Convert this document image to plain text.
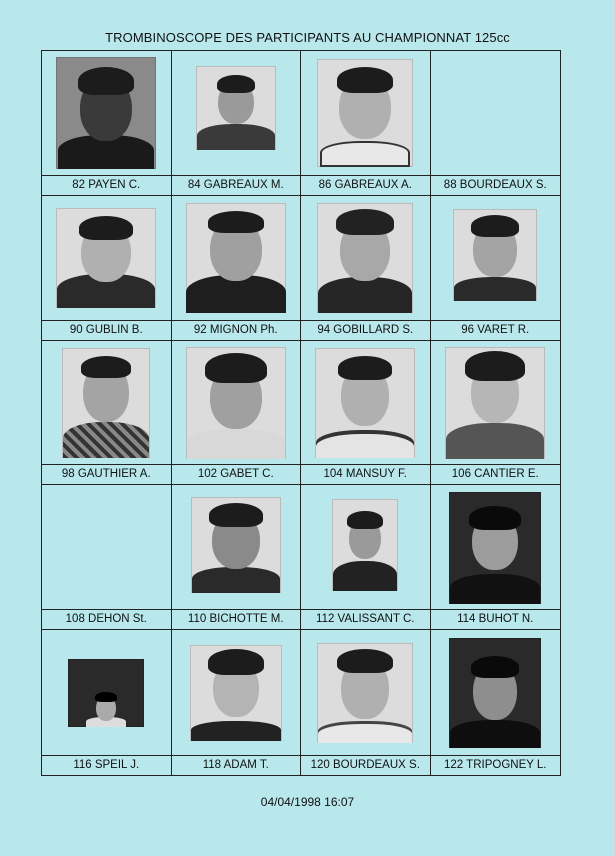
TROMBINOSCOPE DES PARTICIPANTS AU CHAMPIONNAT 125cc
82 PAYEN C.	84 GABREAUX M.	86 GABREAUX A.	88 BOURDEAUX S.
90 GUBLIN B.	92 MIGNON Ph.	94 GOBILLARD S.	96 VARET R.
98 GAUTHIER A.	102 GABET C.	104 MANSUY F.	106 CANTIER E.
108 DEHON St.	110 BICHOTTE M.	112 VALISSANT C.	114 BUHOT N.
116 SPEIL J.	118 ADAM T.	120 BOURDEAUX S.	122 TRIPOGNEY L.
04/04/1998 16:07
